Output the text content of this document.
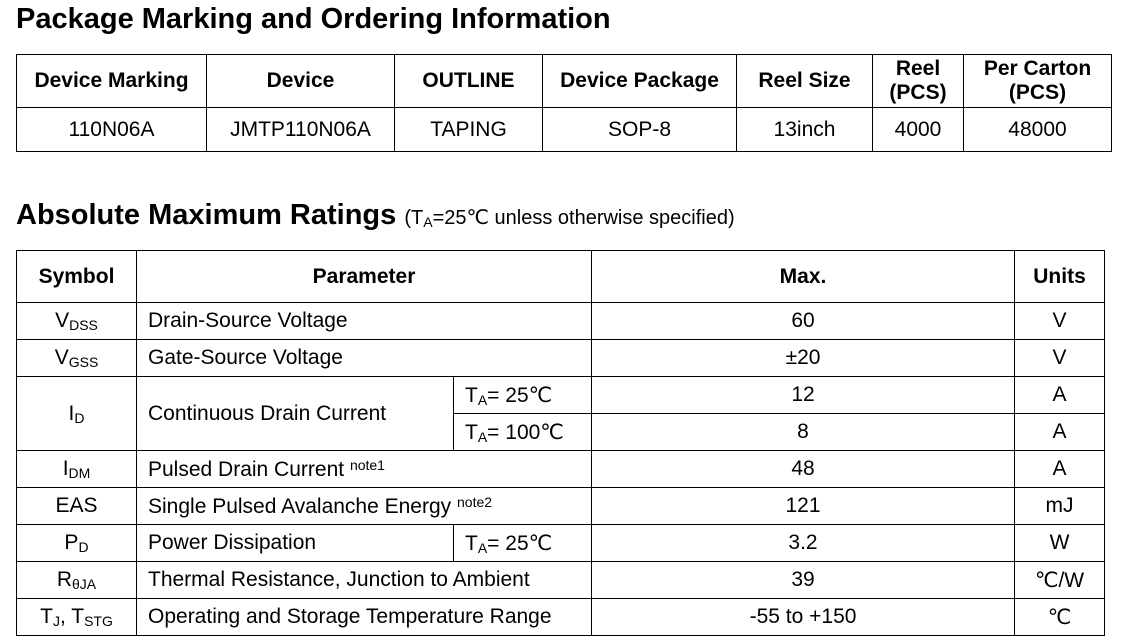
Package Marking and Ordering Information
Device Marking	Device	OUTLINE	Device Package	Reel Size	Reel (PCS)	Per Carton (PCS)
110N06A	JMTP110N06A	TAPING	SOP-8	13inch	4000	48000
Absolute Maximum Ratings ($T_A=25℃$ unless otherwise specified)
Symbol	Parameter		Max.	Units
$V_{DSS}$	Drain-Source Voltage		60	V
$V_{GSS}$	Gate-Source Voltage		±20	V
$I_D$	Continuous Drain Current	$T_A=$ 25℃	12	A
		$T_A=$ 100℃	8	A
$I_{DM}$	Pulsed Drain Current $^{note1}$		48	A
EAS	Single Pulsed Avalanche Energy $^{note2}$		121	mJ
$P_D$	Power Dissipation	$T_A=$ 25℃	3.2	W
$R_{\theta JA}$	Thermal Resistance, Junction to Ambient		39	℃/W
$T_J$, $T_{STG}$	Operating and Storage Temperature Range		-55 to +150	℃
